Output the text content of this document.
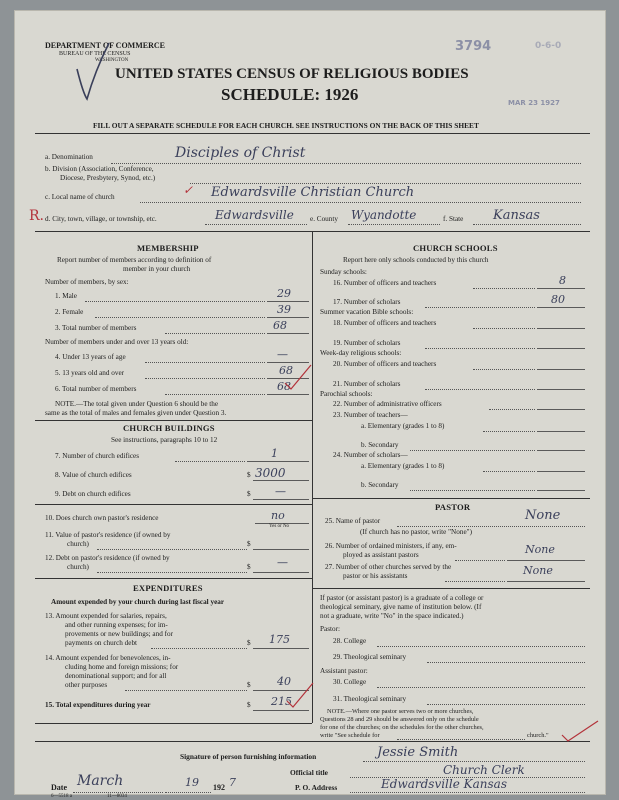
DEPARTMENT OF COMMERCE
BUREAU OF THE CENSUS
WASHINGTON
UNITED STATES CENSUS OF RELIGIOUS BODIES
SCHEDULE: 1926
3794	0-6-0
MAR 23 1927
FILL OUT A SEPARATE SCHEDULE FOR EACH CHURCH. SEE INSTRUCTIONS ON THE BACK OF THIS SHEET
a. Denomination	Disciples of Christ
b. Division (Association, Conference,
Diocese, Presbytery, Synod, etc.)
c. Local name of church	Edwardsville Christian Church
✓
R. d. City, town, village, or township, etc.	Edwardsville e. County Wyandotte	f. State Kansas
MEMBERSHIP
Report number of members according to definition of
member in your church
Number of members, by sex:
1. Male	29
2. Female	39
3. Total number of members	68
Number of members under and over 13 years old:
4. Under 13 years of age	—
5. 13 years old and over	68
6. Total number of members	68
NOTE.—The total given under Question 6 should be the
same as the total of males and females given under Question 3.
CHURCH BUILDINGS
See instructions, paragraphs 10 to 12
7. Number of church edifices	1
8. Value of church edifices	$ 3000
9. Debt on church edifices	$ —
10. Does church own pastor's residence	no
Yes or No
11. Value of pastor's residence (if owned by
church)	$
12. Debt on pastor's residence (if owned by
church)	$ —
EXPENDITURES
Amount expended by your church during last fiscal year
13. Amount expended for salaries, repairs,
and other running expenses; for im-
provements or new buildings; and for
payments on church debt	$ 175
14. Amount expended for benevolences, in-
cluding home and foreign missions; for
denominational support; and for all
other purposes	$ 40
15. Total expenditures during year	$ 215
CHURCH SCHOOLS
Report here only schools conducted by this church
Sunday schools:
16. Number of officers and teachers	8
17. Number of scholars	80
Summer vacation Bible schools:
18. Number of officers and teachers
19. Number of scholars
Week-day religious schools:
20. Number of officers and teachers
21. Number of scholars
Parochial schools:
22. Number of administrative officers
23. Number of teachers—
a. Elementary (grades 1 to 8)
b. Secondary
24. Number of scholars—
a. Elementary (grades 1 to 8)
b. Secondary
PASTOR
25. Name of pastor	None
(If church has no pastor, write "None")
26. Number of ordained ministers, if any, em-
ployed as assistant pastors	None
27. Number of other churches served by the
pastor or his assistants	None
If pastor (or assistant pastor) is a graduate of a college or
theological seminary, give name of institution below. (If
not a graduate, write "No" in the space indicated.)
Pastor:
28. College
29. Theological seminary
Assistant pastor:
30. College
31. Theological seminary
NOTE.—Where one pastor serves two or more churches,
Questions 28 and 29 should be answered only on the schedule
for one of the churches; on the schedules for the other churches,
write "See schedule for	church."
Signature of person furnishing information	Jessie Smith
Official title	Church Clerk
P. O. Address	Edwardsville Kansas
Date March	19 192 7
6—5518 a	11—8034
